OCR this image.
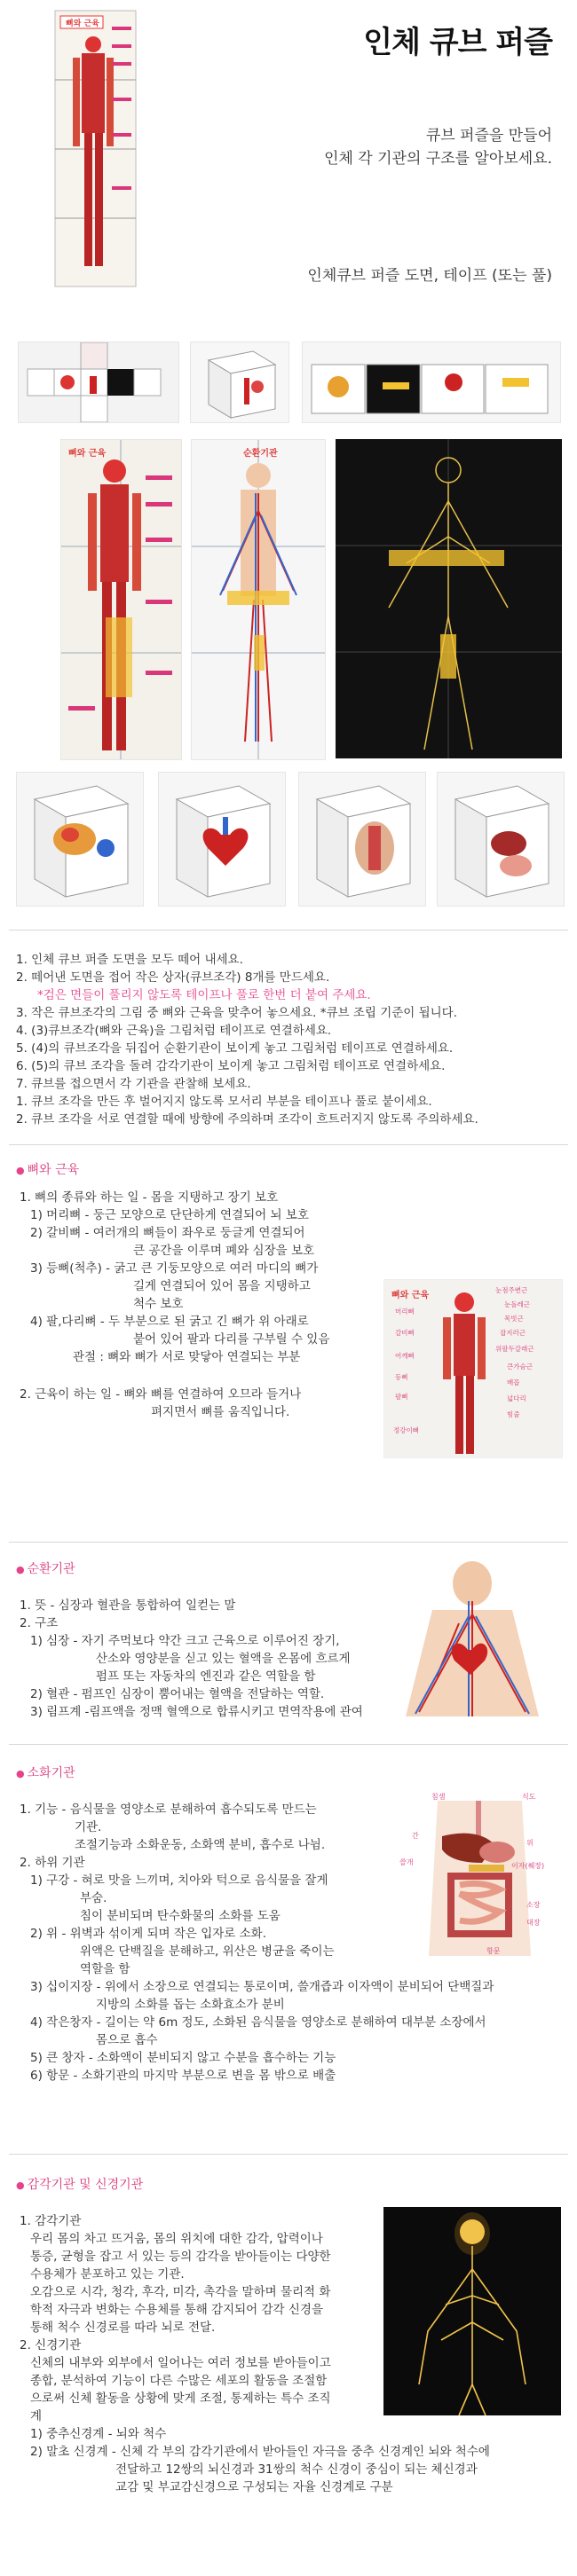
인체 큐브 퍼즐
큐브 퍼즐을 만들어
인체 각 기관의 구조를 알아보세요.
인체큐브 퍼즐 도면, 테이프 (또는 풀)
뼈와 근육
뼈와 근육	순환기관
1. 인체 큐브 퍼즐 도면을 모두 떼어 내세요.
2. 떼어낸 도면을 접어 작은 상자(큐브조각) 8개를 만드세요.
*검은 면들이 풀리지 않도록 테이프나 풀로 한번 더 붙여 주세요.
3. 작은 큐브조각의 그림 중 뼈와 근육을 맞추어 놓으세요. *큐브 조립 기준이 됩니다.
4. (3)큐브조각(뼈와 근육)을 그림처럼 테이프로 연결하세요.
5. (4)의 큐브조각을 뒤집어 순환기관이 보이게 놓고 그림처럼 테이프로 연결하세요.
6. (5)의 큐브 조각을 돌려 감각기관이 보이게 놓고 그림처럼 테이프로 연결하세요.
7. 큐브를 접으면서 각 기관을 관찰해 보세요.
1. 큐브 조각을 만든 후 벌어지지 않도록 모서리 부분을 테이프나 풀로 붙이세요.
2. 큐브 조각을 서로 연결할 때에 방향에 주의하며 조각이 흐트러지지 않도록 주의하세요.
● 뼈와 근육
1. 뼈의 종류와 하는 일 - 몸을 지탱하고 장기 보호
1) 머리뼈 - 둥근 모양으로 단단하게 연결되어 뇌 보호
2) 갈비뼈 - 여러개의 뼈들이 좌우로 둥글게 연결되어
큰 공간을 이루며 폐와 심장을 보호
3) 등뼈(척추) - 굵고 큰 기둥모양으로 여러 마디의 뼈가
길게 연결되어 있어 몸을 지탱하고
척수 보호
4) 팔,다리뼈 - 두 부분으로 된 굵고 긴 뼈가 위 아래로
붙어 있어 팔과 다리를 구부릴 수 있음
관절 : 뼈와 뼈가 서로 맞닿아 연결되는 부분
2. 근육이 하는 일 - 뼈와 뼈를 연결하여 오므라 들거나
펴지면서 뼈를 움직입니다.
뼈와 근육
눈점주변근
머리뼈
눈돌레근
목빗근
갈비뼈	잡지러근
위팔두갈래근
어깨뼈
등뼈
큰가슴근
팔뼈
배꼽
넓다리
정강이뼈
힘줄
● 순환기관
1. 뜻 - 심장과 혈관을 통합하여 일컫는 말
2. 구조
1) 심장 - 자기 주먹보다 약간 크고 근육으로 이루어진 장기,
산소와 영양분을 싣고 있는 혈액을 온몸에 흐르게
펌프 또는 자동차의 엔진과 같은 역할을 함
2) 혈관 - 펌프인 심장이 뿜어내는 혈액을 전달하는 역할.
3) 림프계 -림프액을 정맥 혈액으로 합류시키고 면역작용에 관여
● 소화기관
1. 기능 - 음식물을 영양소로 분해하여 흡수되도록 만드는
기관.
조절기능과 소화운동, 소화액 분비, 흡수로 나뉨.
2. 하위 기관
1) 구강 - 혀로 맛을 느끼며, 치아와 턱으로 음식물을 잘게
부숨.
침이 분비되며 탄수화물의 소화를 도움
2) 위 - 위벽과 섞이게 되며 작은 입자로 소화.
위액은 단백질을 분해하고, 위산은 병균을 죽이는
역할을 함
3) 십이지장 - 위에서 소장으로 연결되는 통로이며, 쓸개즙과 이자액이 분비되어 단백질과
지방의 소화를 돕는 소화효소가 분비
4) 작은창자 - 길이는 약 6m 정도, 소화된 음식물을 영양소로 분해하여 대부분 소장에서
몸으로 흡수
5) 큰 창자 - 소화액이 분비되지 않고 수분을 흡수하는 기능
6) 항문 - 소화기관의 마지막 부분으로 변을 몸 밖으로 배출
침샘	식도
간
위
쓸개	이자(췌장)
소장
대장
항문
● 감각기관 및 신경기관
1. 감각기관
우리 몸의 차고 뜨거움, 몸의 위치에 대한 감각, 압력이나
통증, 균형을 잡고 서 있는 등의 감각을 받아들이는 다양한
수용체가 분포하고 있는 기관.
오감으로 시각, 청각, 후각, 미각, 촉각을 말하며 물리적 화
학적 자극과 변화는 수용체를 통해 감지되어 감각 신경을
통해 척수 신경로를 따라 뇌로 전달.
2. 신경기관
신체의 내부와 외부에서 일어나는 여러 정보를 받아들이고
종합, 분석하여 기능이 다른 수많은 세포의 활동을 조절함
으로써 신체 활동을 상황에 맞게 조절, 통제하는 특수 조직
계
1) 중추신경계 - 뇌와 척수
2) 말초 신경계 - 신체 각 부의 감각기관에서 받아들인 자극을 중추 신경계인 뇌와 척수에
전달하고 12쌍의 뇌신경과 31쌍의 척수 신경이 중심이 되는 체신경과
교감 및 부교감신경으로 구성되는 자율 신경계로 구분
